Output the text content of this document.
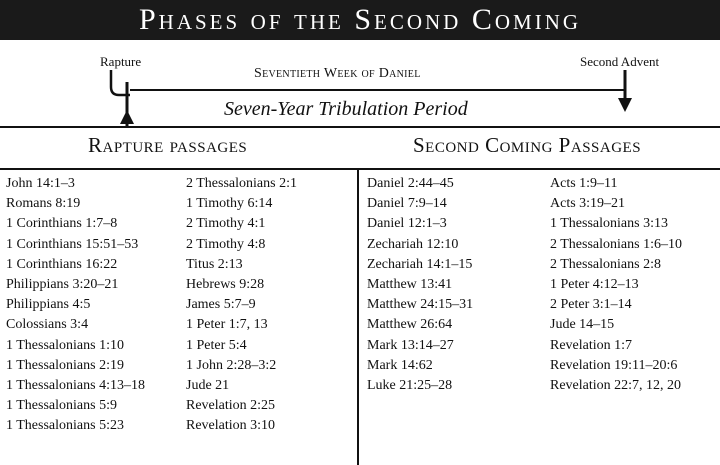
Phases of the Second Coming
Rapture	Second Advent
Seventieth Week of Daniel
Seven-Year Tribulation Period
Rapture passages	Second Coming Passages
John 14:1–3
Romans 8:19
1 Corinthians 1:7–8
1 Corinthians 15:51–53
1 Corinthians 16:22
Philippians 3:20–21
Philippians 4:5
Colossians 3:4
1 Thessalonians 1:10
1 Thessalonians 2:19
1 Thessalonians 4:13–18
1 Thessalonians 5:9
1 Thessalonians 5:23
2 Thessalonians 2:1
1 Timothy 6:14
2 Timothy 4:1
2 Timothy 4:8
Titus 2:13
Hebrews 9:28
James 5:7–9
1 Peter 1:7, 13
1 Peter 5:4
1 John 2:28–3:2
Jude 21
Revelation 2:25
Revelation 3:10
Daniel 2:44–45
Daniel 7:9–14
Daniel 12:1–3
Zechariah 12:10
Zechariah 14:1–15
Matthew 13:41
Matthew 24:15–31
Matthew 26:64
Mark 13:14–27
Mark 14:62
Luke 21:25–28
Acts 1:9–11
Acts 3:19–21
1 Thessalonians 3:13
2 Thessalonians 1:6–10
2 Thessalonians 2:8
1 Peter 4:12–13
2 Peter 3:1–14
Jude 14–15
Revelation 1:7
Revelation 19:11–20:6
Revelation 22:7, 12, 20
